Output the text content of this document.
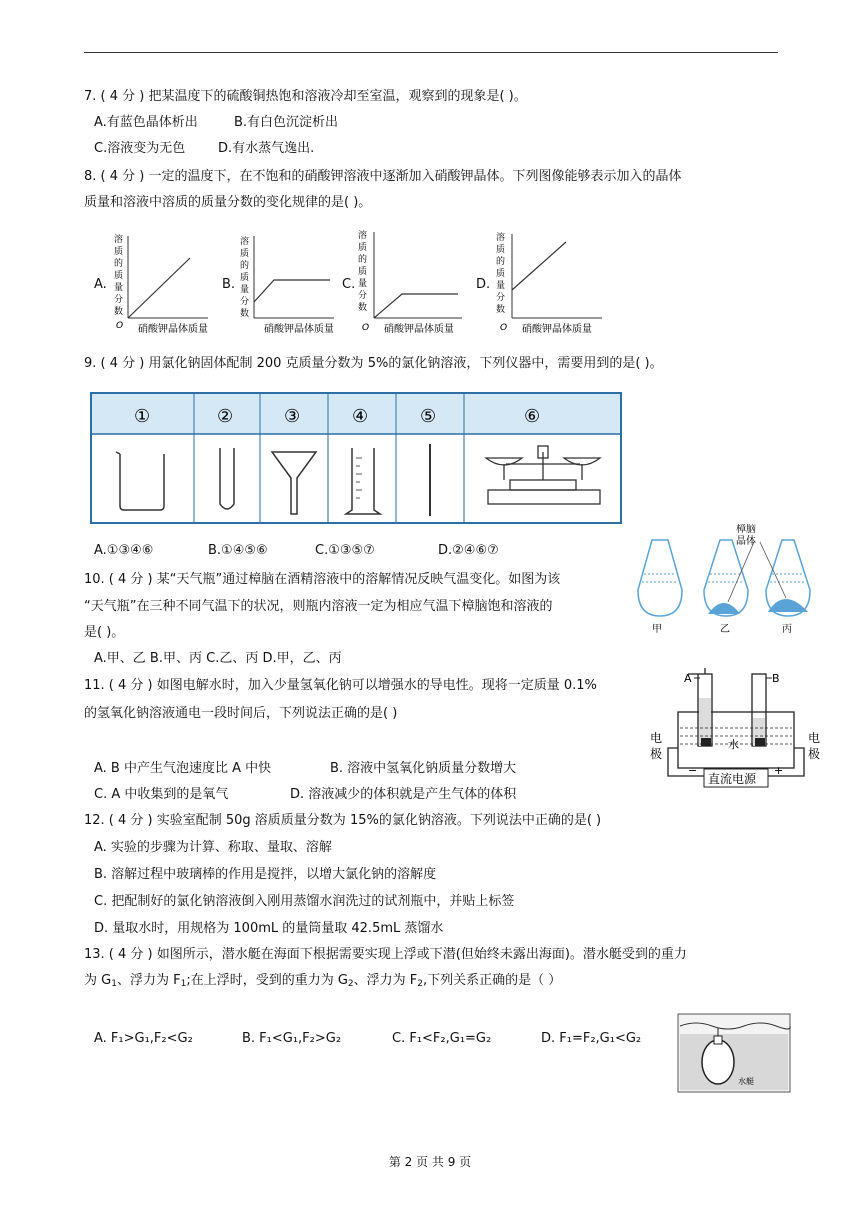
7. ( 4 分 ) 把某温度下的硫酸铜热饱和溶液冷却至室温，观察到的现象是( )。
A.有蓝色晶体析出	B.有白色沉淀析出
C.溶液变为无色	D.有水蒸气逸出.
8. ( 4 分 ) 一定的温度下，在不饱和的硝酸钾溶液中逐渐加入硝酸钾晶体。下列图像能够表示加入的晶体
质量和溶液中溶质的质量分数的变化规律的是( )。
A.	B.	C.	D.
溶
质
的
质
量
分
数
O 硝酸钾晶体质量
溶
质
的
质
量
分
数
硝酸钾晶体质量
溶
质
的
质
量
分
数
O 硝酸钾晶体质量
溶
质
的
质
量
分
数
O 硝酸钾晶体质量
9. ( 4 分 ) 用氯化钠固体配制 200 克质量分数为 5%的氯化钠溶液，下列仪器中，需要用到的是( )。
①	②	③	④	⑤	⑥
A.①③④⑥	B.①④⑤⑥	C.①③⑤⑦	D.②④⑥⑦
10. ( 4 分 ) 某“天气瓶”通过樟脑在酒精溶液中的溶解情况反映气温变化。如图为该
“天气瓶”在三种不同气温下的状况，则瓶内溶液一定为相应气温下樟脑饱和溶液的
是( )。
A.甲、乙 B.甲、丙 C.乙、丙 D.甲，乙、丙
樟脑
晶体
甲	乙	丙
11. ( 4 分 ) 如图电解水时，加入少量氢氧化钠可以增强水的导电性。现将一定质量 0.1%
的氢氧化钠溶液通电一段时间后，下列说法正确的是( )
A. B 中产生气泡速度比 A 中快	B. 溶液中氢氧化钠质量分数增大
C. A 中收集到的是氧气	D. 溶液减少的体积就是产生气体的体积
A	B
电
极
电
极
水
直流电源
−	+
12. ( 4 分 ) 实验室配制 50g 溶质质量分数为 15%的氯化钠溶液。下列说法中正确的是( )
A. 实验的步骤为计算、称取、量取、溶解
B. 溶解过程中玻璃棒的作用是搅拌，以增大氯化钠的溶解度
C. 把配制好的氯化钠溶液倒入刚用蒸馏水润洗过的试剂瓶中，并贴上标签
D. 量取水时，用规格为 100mL 的量筒量取 42.5mL 蒸馏水
13. ( 4 分 ) 如图所示，潜水艇在海面下根据需要实现上浮或下潜(但始终未露出海面)。潜水艇受到的重力
为 $G_1$、浮力为 $F_1$;在上浮时，受到的重力为 $G_2$、浮力为 $F_2$,下列关系正确的是（ ）
A. F₁>G₁,F₂<G₂	B. F₁<G₁,F₂>G₂	C. F₁<F₂,G₁=G₂	D. F₁=F₂,G₁<G₂
水艇
第 2 页 共 9 页
